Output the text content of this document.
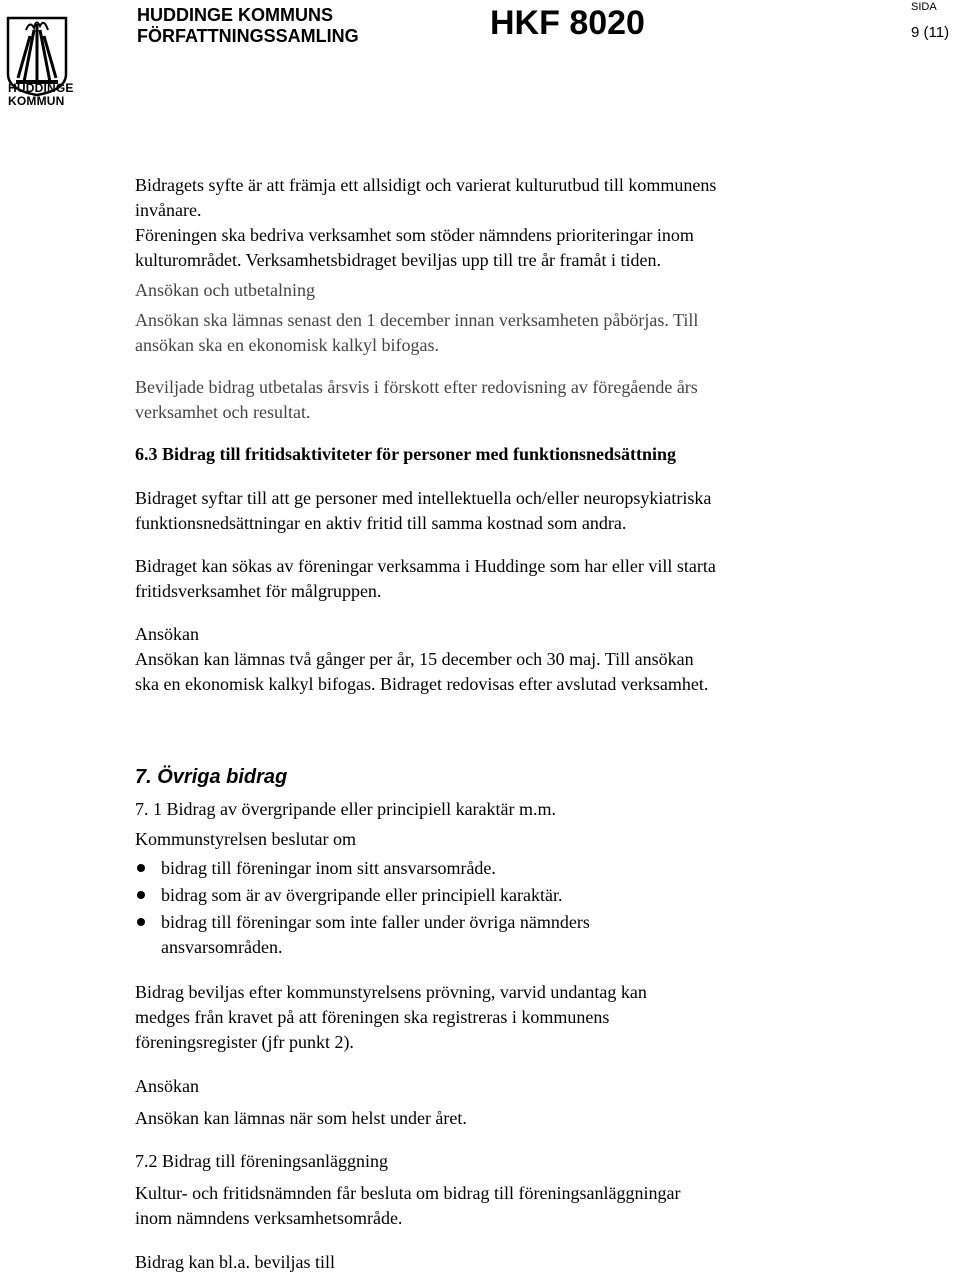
HUDDINGE
KOMMUN
HUDDINGE KOMMUNS
FÖRFATTNINGSSAMLING	HKF 8020	SIDA
9 (11)

Bidragets syfte är att främja ett allsidigt och varierat kulturutbud till kommunens

invånare.

Föreningen ska bedriva verksamhet som stöder nämndens prioriteringar inom

kulturområdet. Verksamhetsbidraget beviljas upp till tre år framåt i tiden.

Ansökan och utbetalning

Ansökan ska lämnas senast den 1 december innan verksamheten påbörjas. Till

ansökan ska en ekonomisk kalkyl bifogas.

Beviljade bidrag utbetalas årsvis i förskott efter redovisning av föregående års

verksamhet och resultat.

6.3 Bidrag till fritidsaktiviteter för personer med funktionsnedsättning

Bidraget syftar till att ge personer med intellektuella och/eller neuropsykiatriska

funktionsnedsättningar en aktiv fritid till samma kostnad som andra.

Bidraget kan sökas av föreningar verksamma i Huddinge som har eller vill starta

fritidsverksamhet för målgruppen.

Ansökan

Ansökan kan lämnas två gånger per år, 15 december och 30 maj. Till ansökan

ska en ekonomisk kalkyl bifogas. Bidraget redovisas efter avslutad verksamhet.

7. Övriga bidrag

7. 1 Bidrag av övergripande eller principiell karaktär m.m.

Kommunstyrelsen beslutar om

bidrag till föreningar inom sitt ansvarsområde.

bidrag som är av övergripande eller principiell karaktär.

bidrag till föreningar som inte faller under övriga nämnders

ansvarsområden.

Bidrag beviljas efter kommunstyrelsens prövning, varvid undantag kan

medges från kravet på att föreningen ska registreras i kommunens

föreningsregister (jfr punkt 2).

Ansökan

Ansökan kan lämnas när som helst under året.

7.2 Bidrag till föreningsanläggning

Kultur- och fritidsnämnden får besluta om bidrag till föreningsanläggningar

inom nämndens verksamhetsområde.

Bidrag kan bl.a. beviljas till
